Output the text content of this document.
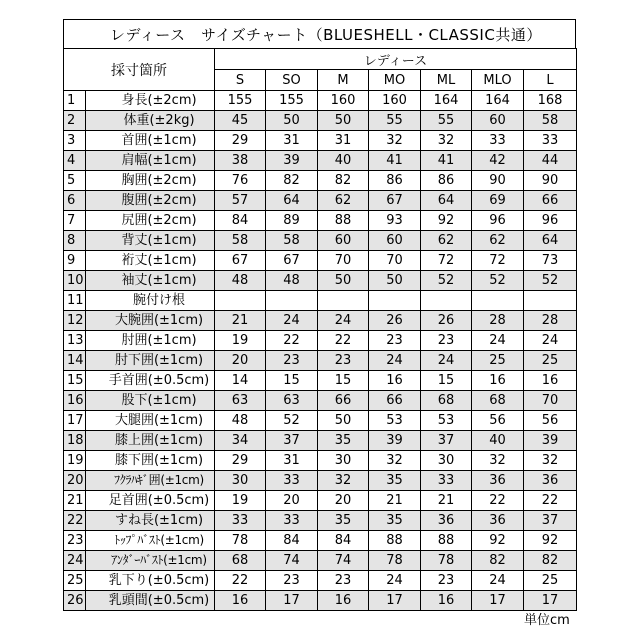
レディース　サイズチャート（BLUESHELL・CLASSIC共通）
採寸箇所		レディース						
		S	SO	M	MO	ML	MLO	L
1	身長(±2cm)	155	155	160	160	164	164	168
2	体重(±2kg)	45	50	50	55	55	60	58
3	首囲(±1cm)	29	31	31	32	32	33	33
4	肩幅(±1cm)	38	39	40	41	41	42	44
5	胸囲(±2cm)	76	82	82	86	86	90	90
6	腹囲(±2cm)	57	64	62	67	64	69	66
7	尻囲(±2cm)	84	89	88	93	92	96	96
8	背丈(±1cm)	58	58	60	60	62	62	64
9	裄丈(±1cm)	67	67	70	70	72	72	73
10	袖丈(±1cm)	48	48	50	50	52	52	52
11	腕付け根							
12	大腕囲(±1cm)	21	24	24	26	26	28	28
13	肘囲(±1cm)	19	22	22	23	23	24	24
14	肘下囲(±1cm)	20	23	23	24	24	25	25
15	手首囲(±0.5cm)	14	15	15	16	15	16	16
16	股下(±1cm)	63	63	66	66	68	68	70
17	大腿囲(±1cm)	48	52	50	53	53	56	56
18	膝上囲(±1cm)	34	37	35	39	37	40	39
19	膝下囲(±1cm)	29	31	30	32	30	32	32
20	ﾌｸﾗﾊｷﾞ囲(±1cm)	30	33	32	35	33	36	36
21	足首囲(±0.5cm)	19	20	20	21	21	22	22
22	すね長(±1cm)	33	33	35	35	36	36	37
23	ﾄｯﾌﾟﾊﾞｽﾄ(±1cm)	78	84	84	88	88	92	92
24	ｱﾝﾀﾞｰﾊﾞｽﾄ(±1cm)	68	74	74	78	78	82	82
25	乳下り(±0.5cm)	22	23	23	24	23	24	25
26	乳頭間(±0.5cm)	16	17	16	17	16	17	17
単位cm
